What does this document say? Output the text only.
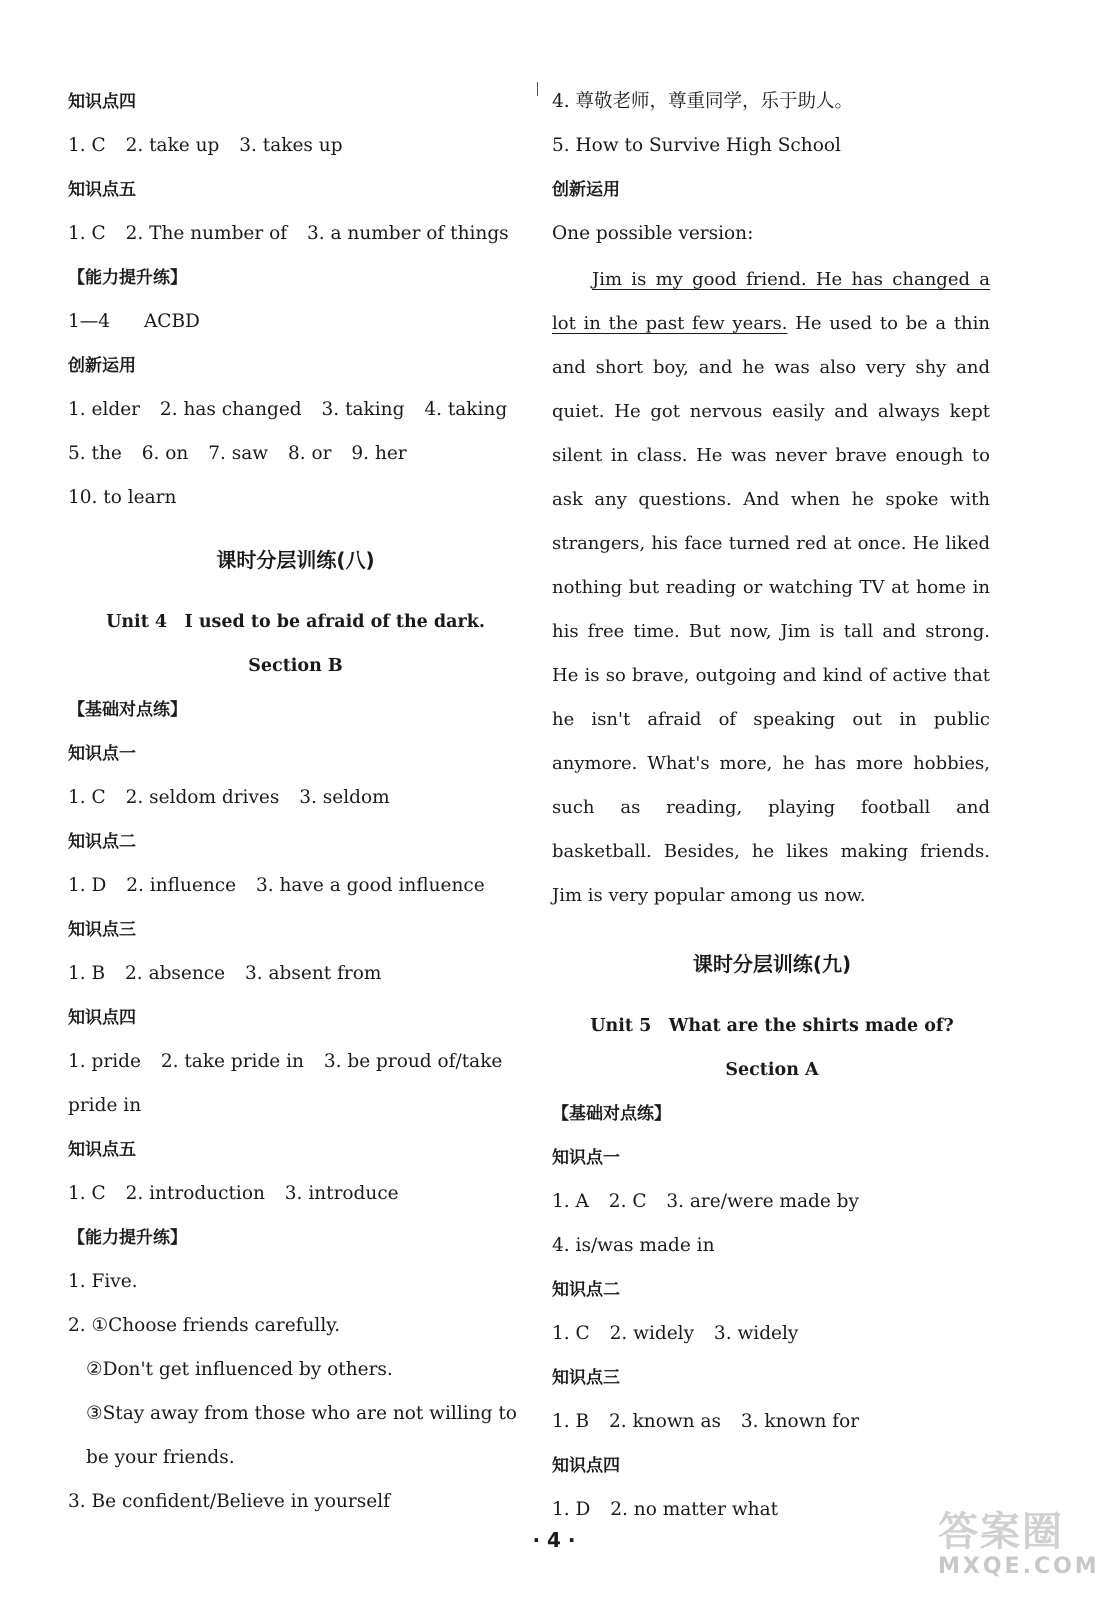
知识点四

1. C 2. take up 3. takes up

知识点五

1. C 2. The number of 3. a number of things

【能力提升练】

1—4 ACBD

创新运用

1. elder 2. has changed 3. taking 4. taking

5. the 6. on 7. saw 8. or 9. her

10. to learn

课时分层训练(八)

Unit 4　I used to be afraid of the dark.

Section B

【基础对点练】

知识点一

1. C 2. seldom drives 3. seldom

知识点二

1. D 2. influence 3. have a good influence

知识点三

1. B 2. absence 3. absent from

知识点四

1. pride 2. take pride in 3. be proud of/take

pride in

知识点五

1. C 2. introduction 3. introduce

【能力提升练】

1. Five.

2. ①Choose friends carefully.

②Don't get influenced by others.

③Stay away from those who are not willing to

be your friends.

3. Be confident/Believe in yourself

4. 尊敬老师，尊重同学，乐于助人。

5. How to Survive High School

创新运用

One possible version:

Jim is my good friend. He has changed a lot in the past few years. He used to be a thin and short boy, and he was also very shy and quiet. He got nervous easily and always kept silent in class. He was never brave enough to ask any questions. And when he spoke with strangers, his face turned red at once. He liked nothing but reading or watching TV at home in his free time. But now, Jim is tall and strong. He is so brave, outgoing and kind of active that he isn't afraid of speaking out in public anymore. What's more, he has more hobbies, such as reading, playing football and basketball. Besides, he likes making friends. Jim is very popular among us now.

课时分层训练(九)

Unit 5　What are the shirts made of?

Section A

【基础对点练】

知识点一

1. A 2. C 3. are/were made by

4. is/was made in

知识点二

1. C 2. widely 3. widely

知识点三

1. B 2. known as 3. known for

知识点四

1. D 2. no matter what

· 4 ·	答案圈
MXQE.COM
